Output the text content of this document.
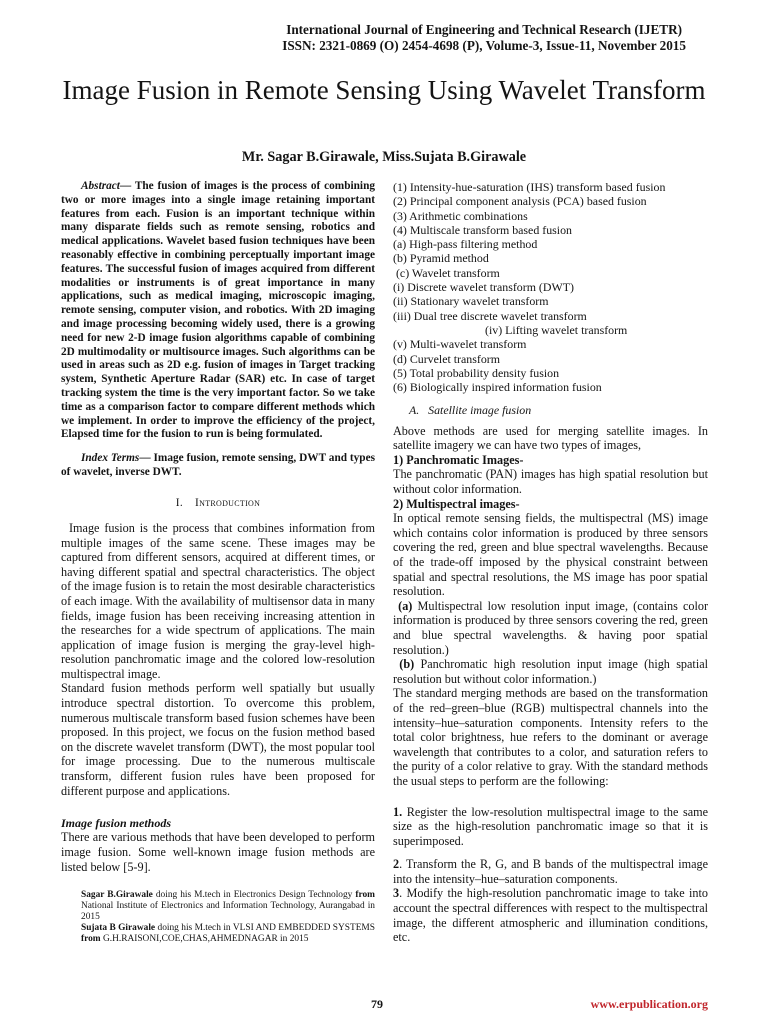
International Journal of Engineering and Technical Research (IJETR)
ISSN: 2321-0869 (O) 2454-4698 (P), Volume-3, Issue-11, November 2015
Image Fusion in Remote Sensing Using Wavelet Transform
Mr. Sagar B.Girawale, Miss.Sujata B.Girawale

Abstract— The fusion of images is the process of combining two or more images into a single image retaining important features from each. Fusion is an important technique within many disparate fields such as remote sensing, robotics and medical applications. Wavelet based fusion techniques have been reasonably effective in combining perceptually important image features. The successful fusion of images acquired from different modalities or instruments is of great importance in many applications, such as medical imaging, microscopic imaging, remote sensing, computer vision, and robotics. With 2D imaging and image processing becoming widely used, there is a growing need for new 2-D image fusion algorithms capable of combining 2D multimodality or multisource images. Such algorithms can be used in areas such as 2D e.g. fusion of images in Target tracking system, Synthetic Aperture Radar (SAR) etc. In case of target tracking system the time is the very important factor. So we take time as a comparison factor to compare different methods which we implement. In order to improve the efficiency of the project, Elapsed time for the fusion to run is being formulated.

Index Terms— Image fusion, remote sensing, DWT and types of wavelet, inverse DWT.

I. Introduction

Image fusion is the process that combines information from multiple images of the same scene. These images may be captured from different sensors, acquired at different times, or having different spatial and spectral characteristics. The object of the image fusion is to retain the most desirable characteristics of each image. With the availability of multisensor data in many fields, image fusion has been receiving increasing attention in the researches for a wide spectrum of applications. The main application of image fusion is merging the gray-level high-resolution panchromatic image and the colored low-resolution multispectral image.

Standard fusion methods perform well spatially but usually introduce spectral distortion. To overcome this problem, numerous multiscale transform based fusion schemes have been proposed. In this project, we focus on the fusion method based on the discrete wavelet transform (DWT), the most popular tool for image processing. Due to the numerous multiscale transform, different fusion rules have been proposed for different purpose and applications.

Image fusion methods

There are various methods that have been developed to perform image fusion. Some well-known image fusion methods are listed below [5-9].

Sagar B.Girawale doing his M.tech in Electronics Design Technology from National Institute of Electronics and Information Technology, Aurangabad in 2015

Sujata B Girawale doing his M.tech in VLSI AND EMBEDDED SYSTEMS from G.H.RAISONI,COE,CHAS,AHMEDNAGAR in 2015

(1) Intensity-hue-saturation (IHS) transform based fusion

(2) Principal component analysis (PCA) based fusion

(3) Arithmetic combinations

(4) Multiscale transform based fusion

(a) High-pass filtering method

(b) Pyramid method

(c) Wavelet transform

(i) Discrete wavelet transform (DWT)

(ii) Stationary wavelet transform

(iii) Dual tree discrete wavelet transform

(iv) Lifting wavelet transform

(v) Multi-wavelet transform

(d) Curvelet transform

(5) Total probability density fusion

(6) Biologically inspired information fusion

A.   Satellite image fusion

Above methods are used for merging satellite images. In satellite imagery we can have two types of images,

1) Panchromatic Images-

The panchromatic (PAN) images has high spatial resolution but without color information.

2) Multispectral images-

In optical remote sensing fields, the multispectral (MS) image which contains color information is produced by three sensors covering the red, green and blue spectral wavelengths. Because of the trade-off imposed by the physical constraint between spatial and spectral resolutions, the MS image has poor spatial resolution.

(a) Multispectral low resolution input image, (contains color information is produced by three sensors covering the red, green and blue spectral wavelengths. & having poor spatial resolution.)

(b) Panchromatic high resolution input image (high spatial resolution but without color information.)

The standard merging methods are based on the transformation of the red–green–blue (RGB) multispectral channels into the intensity–hue–saturation components. Intensity refers to the total color brightness, hue refers to the dominant or average wavelength that contributes to a color, and saturation refers to the purity of a color relative to gray. With the standard methods the usual steps to perform are the following:

1. Register the low-resolution multispectral image to the same size as the high-resolution panchromatic image so that it is superimposed.

2. Transform the R, G, and B bands of the multispectral image into the intensity–hue–saturation components.

3. Modify the high-resolution panchromatic image to take into account the spectral differences with respect to the multispectral image, the different atmospheric and illumination conditions, etc.

79	www.erpublication.org
